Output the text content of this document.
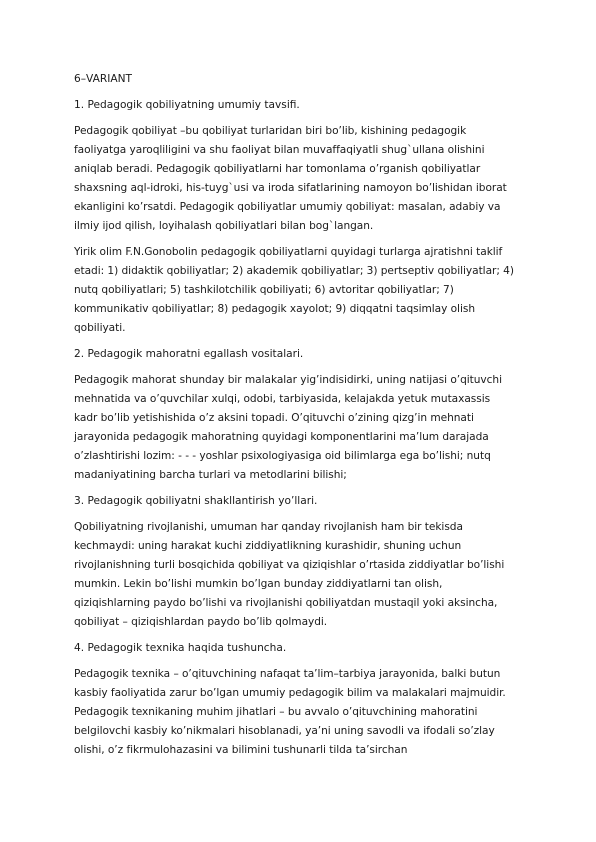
6–VARIANT

1. Pedagogik qobiliyatning umumiy tavsifi.

Pedagogik qobiliyat –bu qobiliyat turlaridan biri bo’lib, kishining pedagogik faoliyatga yaroqliligini va shu faoliyat bilan muvaffaqiyatli shug`ullana olishini aniqlab beradi. Pedagogik qobiliyatlarni har tomonlama o’rganish qobiliyatlar shaxsning aql-idroki, his-tuyg`usi va iroda sifatlarining namoyon bo’lishidan iborat ekanligini ko’rsatdi. Pedagogik qobiliyatlar umumiy qobiliyat: masalan, adabiy va ilmiy ijod qilish, loyihalash qobiliyatlari bilan bog`langan.

Yirik olim F.N.Gonobolin pedagogik qobiliyatlarni quyidagi turlarga ajratishni taklif etadi: 1) didaktik qobiliyatlar; 2) akademik qobiliyatlar; 3) pertseptiv qobiliyatlar; 4) nutq qobiliyatlari; 5) tashkilotchilik qobiliyati; 6) avtoritar qobiliyatlar; 7) kommunikativ qobiliyatlar; 8) pedagogik xayolot; 9) diqqatni taqsimlay olish qobiliyati.

2. Pedagogik mahoratni egallash vositalari.

Pedagogik mahorat shunday bir malakalar yig’indisidirki, uning natijasi o’qituvchi mehnatida va o’quvchilar xulqi, odobi, tarbiyasida, kelajakda yetuk mutaxassis kadr bo’lib yetishishida o’z aksini topadi. O’qituvchi o’zining qizg’in mehnati jarayonida pedagogik mahoratning quyidagi komponentlarini ma’lum darajada o’zlashtirishi lozim: - - - yoshlar psixologiyasiga oid bilimlarga ega bo’lishi; nutq madaniyatining barcha turlari va metodlarini bilishi;

3. Pedagogik qobiliyatni shakllantirish yo’llari.

Qobiliyatning rivojlanishi, umuman har qanday rivojlanish ham bir tekisda kechmaydi: uning harakat kuchi ziddiyatlikning kurashidir, shuning uchun rivojlanishning turli bosqichida qobiliyat va qiziqishlar o’rtasida ziddiyatlar bo’lishi mumkin. Lekin bo’lishi mumkin bo’lgan bunday ziddiyatlarni tan olish, qiziqishlarning paydo bo’lishi va rivojlanishi qobiliyatdan mustaqil yoki aksincha, qobiliyat – qiziqishlardan paydo bo’lib qolmaydi.

4. Pedagogik texnika haqida tushuncha.

Pedagogik texnika – o’qituvchining nafaqat ta’lim–tarbiya jarayonida, balki butun kasbiy faoliyatida zarur bo’lgan umumiy pedagogik bilim va malakalari majmuidir. Pedagogik texnikaning muhim jihatlari – bu avvalo o’qituvchining mahoratini belgilovchi kasbiy ko’nikmalari hisoblanadi, ya’ni uning savodli va ifodali so’zlay olishi, o’z fikrmulohazasini va bilimini tushunarli tilda ta’sirchan
